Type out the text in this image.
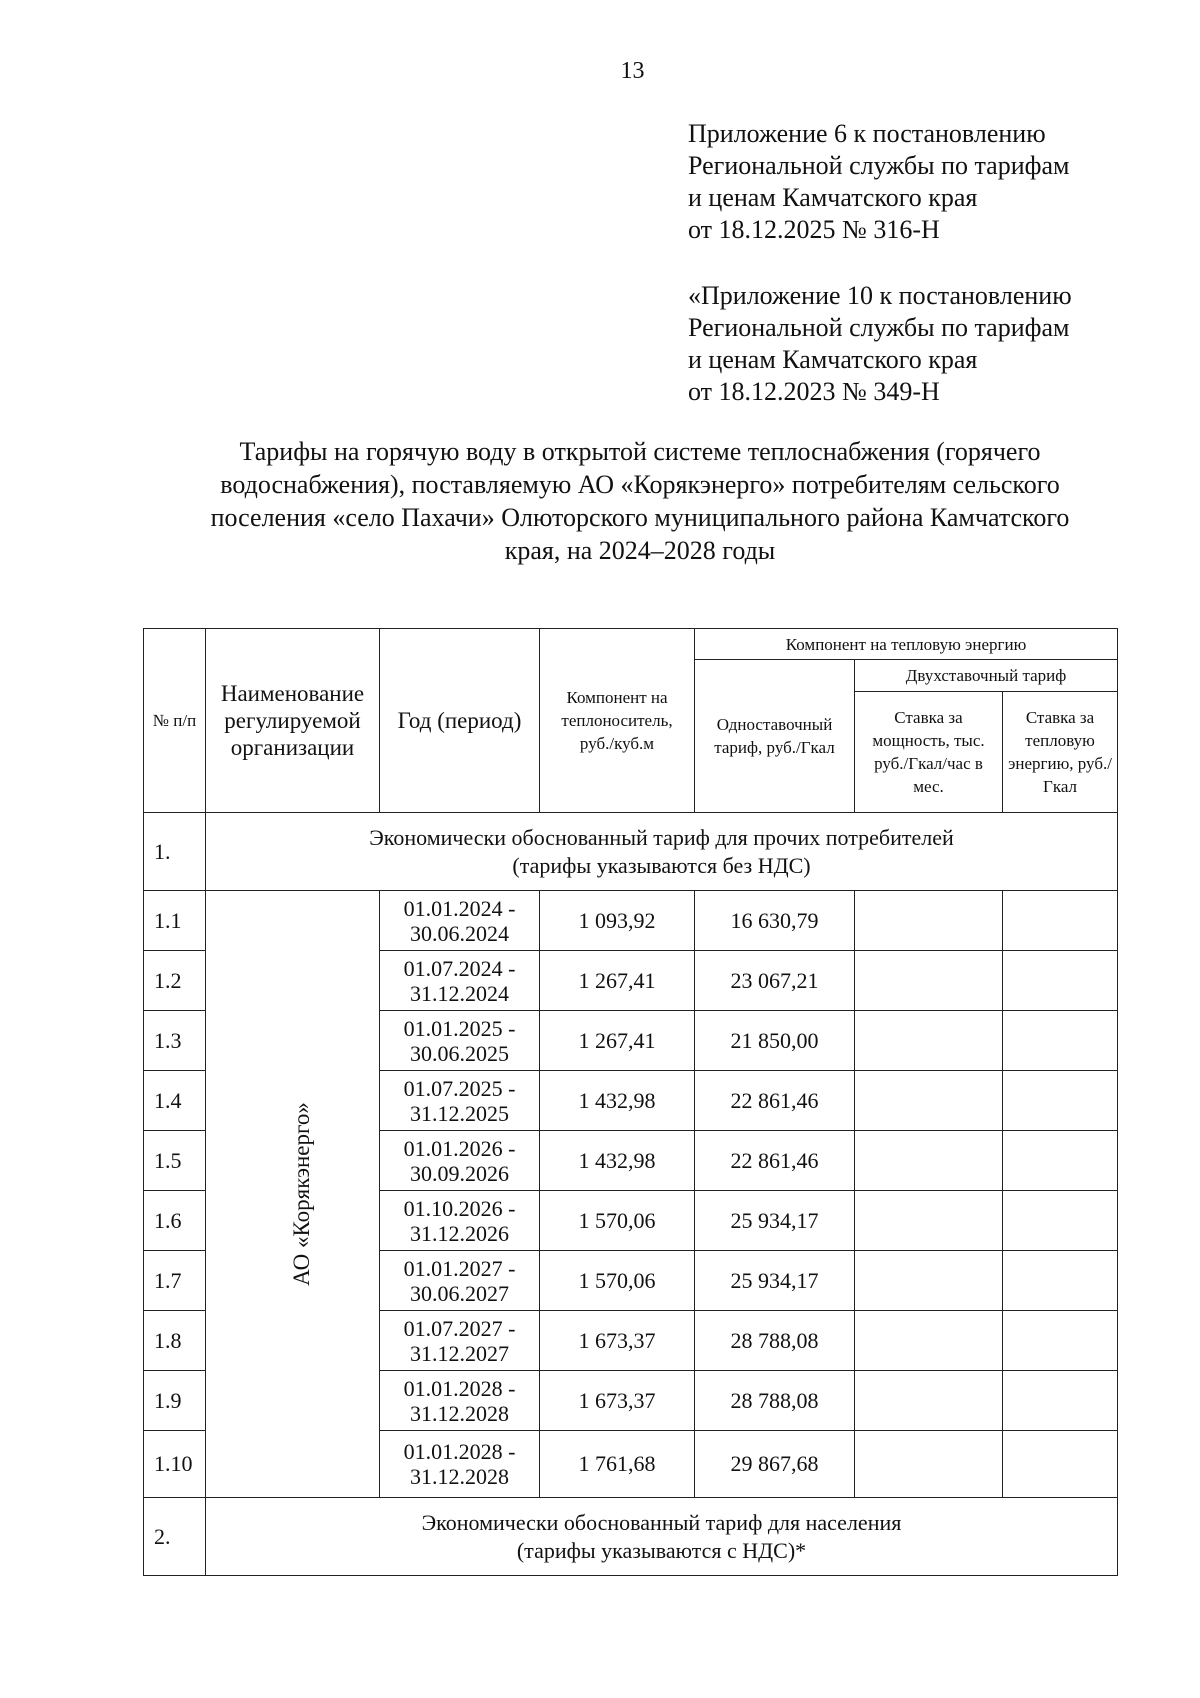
13
Приложение 6 к постановлению
Региональной службы по тарифам
и ценам Камчатского края
от 18.12.2025 № 316-Н
«Приложение 10 к постановлению
Региональной службы по тарифам
и ценам Камчатского края
от 18.12.2023 № 349-Н
Тарифы на горячую воду в открытой системе теплоснабжения (горячего
водоснабжения), поставляемую АО «Корякэнерго» потребителям сельского
поселения «село Пахачи» Олюторского муниципального района Камчатского
края, на 2024–2028 годы
№ п/п	Наименование регулируемой организации	Год (период)	Компонент на теплоноситель, руб./куб.м	Компонент на тепловую энергию		
				Одноставочный тариф, руб./Гкал	Двухставочный тариф	
					Ставка за мощность, тыс. руб./Гкал/час в мес.	Ставка за тепловую энергию, руб./Гкал
1.	Экономически обоснованный тариф для прочих потребителей
(тарифы указываются без НДС)					

1.1	АО «Корякэнерго»	01.01.2024 -
30.06.2024	1 093,92	16 630,79		
1.2		01.07.2024 -
31.12.2024	1 267,41	23 067,21		
1.3		01.01.2025 -
30.06.2025	1 267,41	21 850,00		
1.4		01.07.2025 -
31.12.2025	1 432,98	22 861,46		
1.5		01.01.2026 -
30.09.2026	1 432,98	22 861,46		
1.6		01.10.2026 -
31.12.2026	1 570,06	25 934,17		
1.7		01.01.2027 -
30.06.2027	1 570,06	25 934,17		
1.8		01.07.2027 -
31.12.2027	1 673,37	28 788,08		
1.9		01.01.2028 -
31.12.2028	1 673,37	28 788,08		
1.10		01.01.2028 -
31.12.2028	1 761,68	29 867,68		
2.	Экономически обоснованный тариф для населения
(тарифы указываются с НДС)*					
